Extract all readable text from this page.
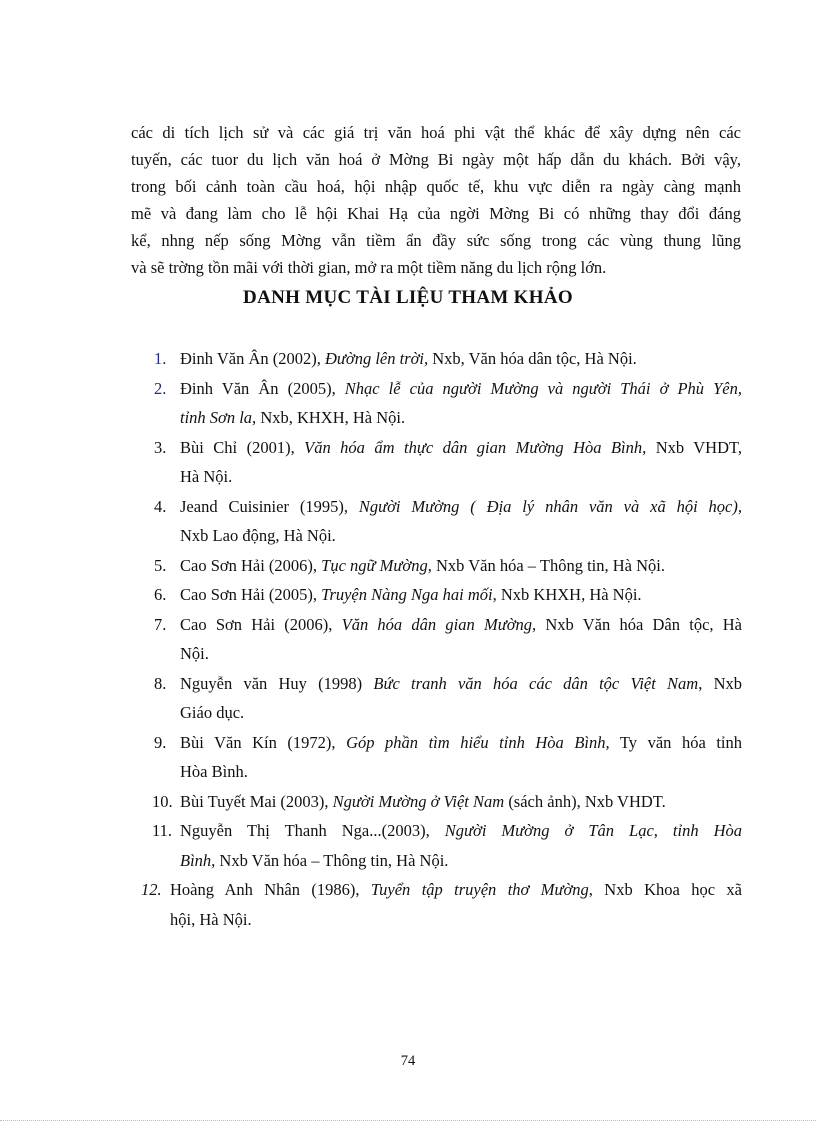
các di tích lịch sử và các giá trị văn hoá phi vật thể khác để xây dựng nên các
tuyến, các tuor du lịch văn hoá ở Mờng Bi ngày một hấp dẫn du khách. Bởi vậy,
trong bối cảnh toàn cầu hoá, hội nhập quốc tế, khu vực diễn ra ngày càng mạnh
mẽ và đang làm cho lễ hội Khai Hạ của ngời Mờng Bi có những thay đổi đáng
kể, nhng nếp sống Mờng vẫn tiềm ẩn đầy sức sống trong các vùng thung lũng
và sẽ trờng tồn mãi với thời gian, mở ra một tiềm năng du lịch rộng lớn.
DANH MỤC TÀI LIỆU THAM KHẢO
1. Đinh Văn Ân (2002), Đường lên trời, Nxb, Văn hóa dân tộc, Hà Nội.
2. Đinh Văn Ân (2005), Nhạc lễ của người Mường và người Thái ở Phù Yên,
tỉnh Sơn la, Nxb, KHXH, Hà Nội.
3. Bùi Chỉ (2001), Văn hóa ẩm thực dân gian Mường Hòa Bình, Nxb VHDT,
Hà Nội.
4. Jeand Cuisinier (1995), Người Mường ( Địa lý nhân văn và xã hội học),
Nxb Lao động, Hà Nội.
5. Cao Sơn Hải (2006), Tục ngữ Mường, Nxb Văn hóa – Thông tin, Hà Nội.
6. Cao Sơn Hải (2005), Truyện Nàng Nga hai mối, Nxb KHXH, Hà Nội.
7. Cao Sơn Hải (2006), Văn hóa dân gian Mường, Nxb Văn hóa Dân tộc, Hà
Nội.
8. Nguyễn văn Huy (1998) Bức tranh văn hóa các dân tộc Việt Nam, Nxb
Giáo dục.
9. Bùi Văn Kín (1972), Góp phần tìm hiểu tỉnh Hòa Bình, Ty văn hóa tỉnh
Hòa Bình.
10. Bùi Tuyết Mai (2003), Người Mường ở Việt Nam (sách ảnh), Nxb VHDT.
11. Nguyễn Thị Thanh Nga...(2003), Người Mường ở Tân Lạc, tỉnh Hòa
Bình, Nxb Văn hóa – Thông tin, Hà Nội.
12. Hoàng Anh Nhân (1986), Tuyển tập truyện thơ Mường, Nxb Khoa học xã
hội, Hà Nội.
74
